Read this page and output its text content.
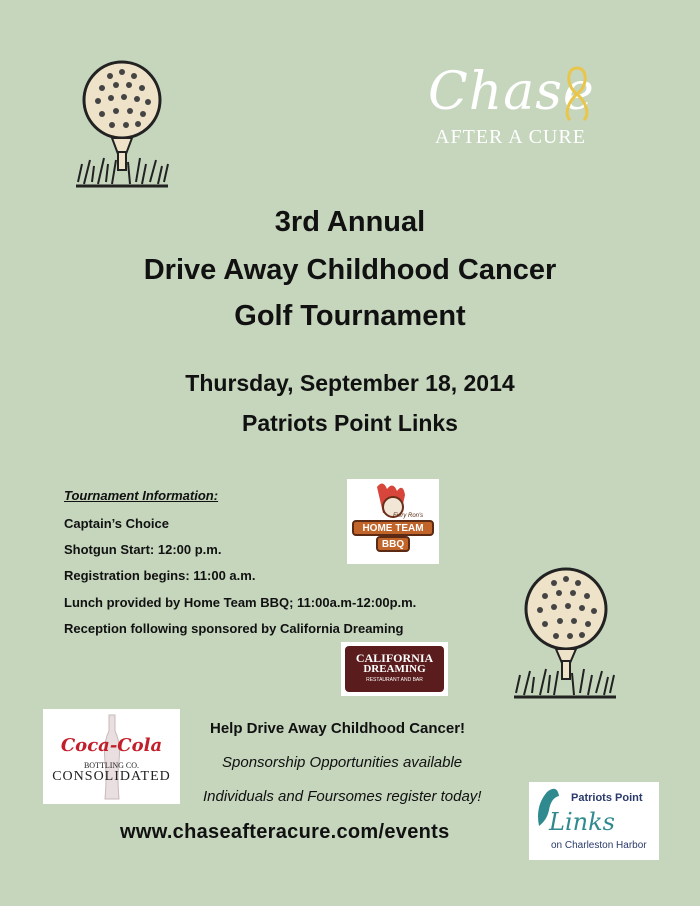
Chase
AFTER A CURE
3rd Annual
Drive Away Childhood Cancer
Golf Tournament
Thursday, September 18, 2014
Patriots Point Links
Tournament Information:
Captain’s Choice
Shotgun Start: 12:00 p.m.
Registration begins: 11:00 a.m.
Lunch provided by Home Team BBQ; 11:00a.m-12:00p.m.
Reception following sponsored by California Dreaming
Fiery Ron's
HOME TEAM
BBQ
CALIFORNIA
DREAMING
RESTAURANT AND BAR
Coca-Cola
BOTTLING CO.
CONSOLIDATED
Help Drive Away Childhood Cancer!
Sponsorship Opportunities available
Individuals and Foursomes register today!
www.chaseafteracure.com/events
Patriots Point
Links
on Charleston Harbor
